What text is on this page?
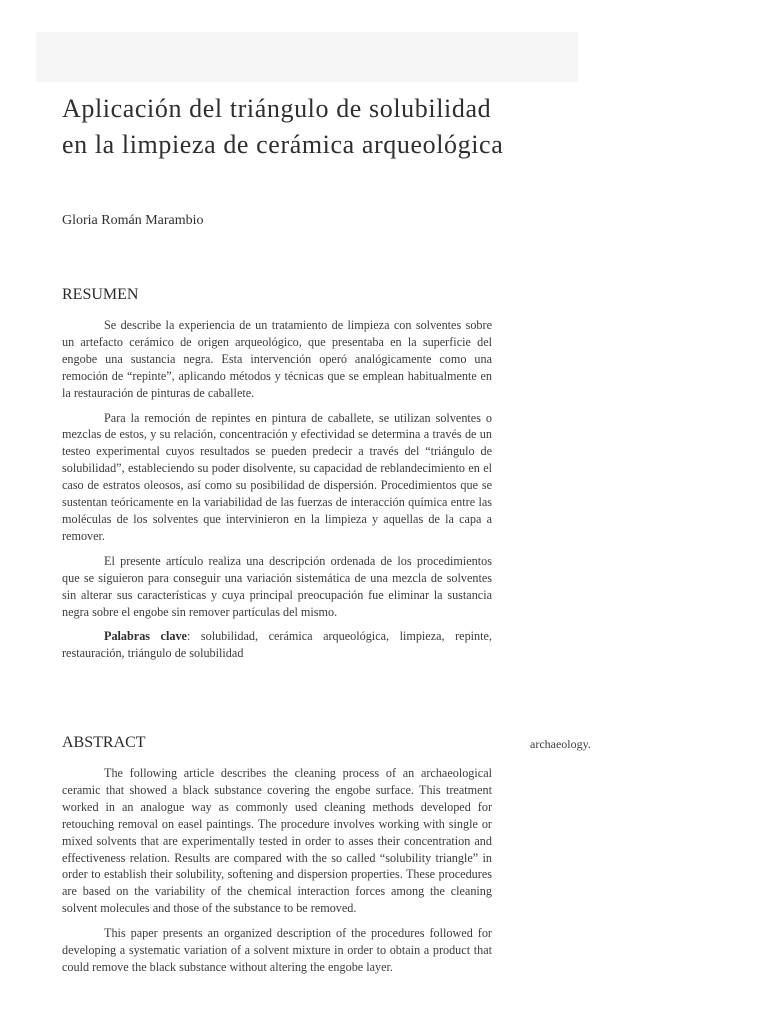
Aplicación del triángulo de solubilidad
en la limpieza de cerámica arqueológica

Gloria Román Marambio

RESUMEN

Se describe la experiencia de un tratamiento de limpieza con solventes sobre un artefacto cerámico de origen arqueológico, que presentaba en la superficie del engobe una sustancia negra. Esta intervención operó analógicamente como una remoción de “repinte”, aplicando métodos y técnicas que se emplean habitualmente en la restauración de pinturas de caballete.

Para la remoción de repintes en pintura de caballete, se utilizan solventes o mezclas de estos, y su relación, concentración y efectividad se determina a través de un testeo experimental cuyos resultados se pueden predecir a través del “triángulo de solubilidad”, estableciendo su poder disolvente, su capacidad de reblandecimiento en el caso de estratos oleosos, así como su posibilidad de dispersión. Procedimientos que se sustentan teóricamente en la variabilidad de las fuerzas de interacción química entre las moléculas de los solventes que intervinieron en la limpieza y aquellas de la capa a remover.

El presente artículo realiza una descripción ordenada de los procedimientos que se siguieron para conseguir una variación sistemática de una mezcla de solventes sin alterar sus características y cuya principal preocupación fue eliminar la sustancia negra sobre el engobe sin remover partículas del mismo.

Palabras clave: solubilidad, cerámica arqueológica, limpieza, repinte, restauración, triángulo de solubilidad

ABSTRACT	archaeology.

The following article describes the cleaning process of an archaeological ceramic that showed a black substance covering the engobe surface. This treatment worked in an analogue way as commonly used cleaning methods developed for retouching removal on easel paintings. The procedure involves working with single or mixed solvents that are experimentally tested in order to asses their concentration and effectiveness relation. Results are compared with the so called “solubility triangle” in order to establish their solubility, softening and dispersion properties. These procedures are based on the variability of the chemical interaction forces among the cleaning solvent molecules and those of the substance to be removed.

This paper presents an organized description of the procedures followed for developing a systematic variation of a solvent mixture in order to obtain a product that could remove the black substance without altering the engobe layer.
